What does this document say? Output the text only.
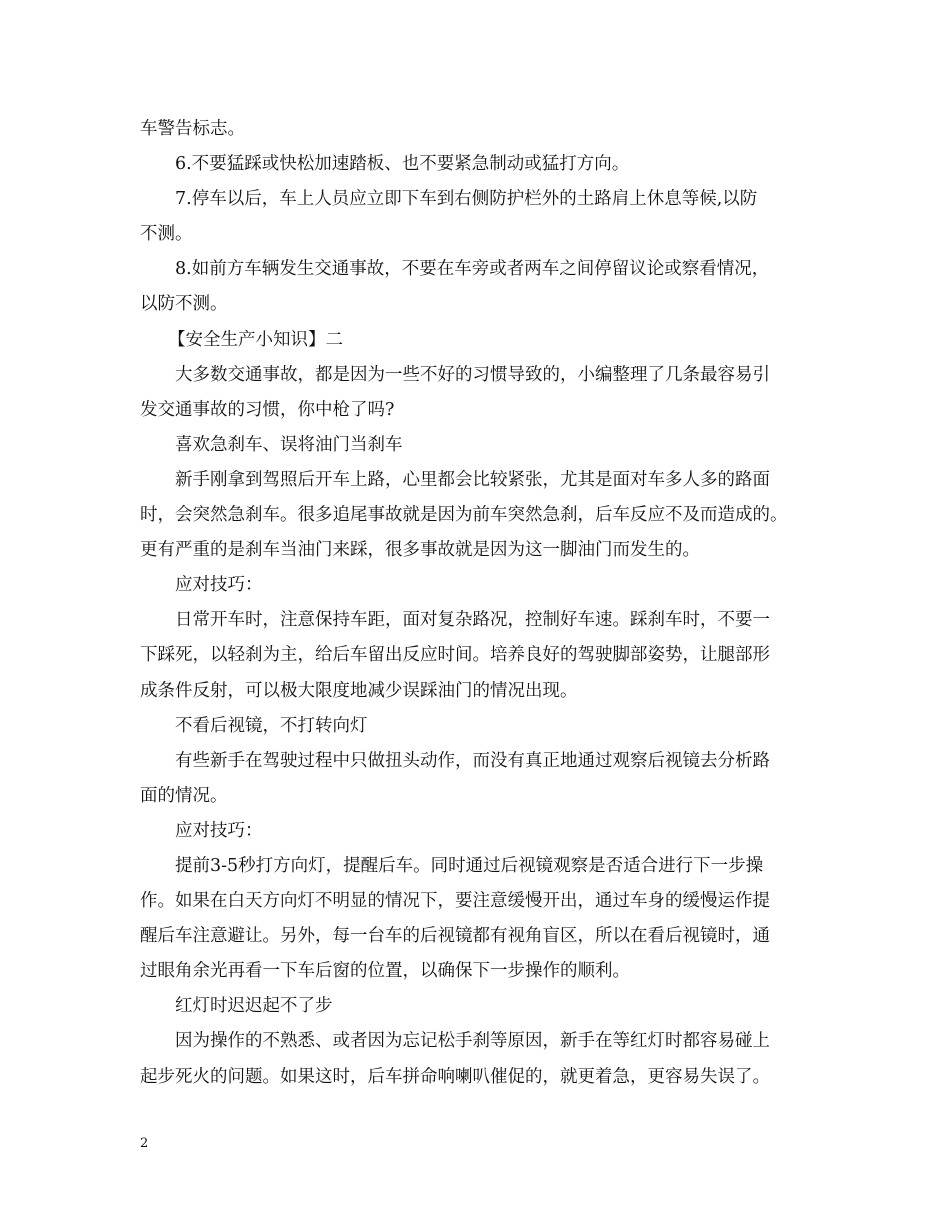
车警告标志。
6.不要猛踩或快松加速踏板、也不要紧急制动或猛打方向。
7.停车以后，车上人员应立即下车到右侧防护栏外的土路肩上休息等候,以防
不测。
8.如前方车辆发生交通事故，不要在车旁或者两车之间停留议论或察看情况，
以防不测。
【安全生产小知识】二
大多数交通事故，都是因为一些不好的习惯导致的，小编整理了几条最容易引
发交通事故的习惯，你中枪了吗?
喜欢急刹车、误将油门当刹车
新手刚拿到驾照后开车上路，心里都会比较紧张，尤其是面对车多人多的路面
时，会突然急刹车。很多追尾事故就是因为前车突然急刹，后车反应不及而造成的。
更有严重的是刹车当油门来踩，很多事故就是因为这一脚油门而发生的。
应对技巧：
日常开车时，注意保持车距，面对复杂路况，控制好车速。踩刹车时，不要一
下踩死，以轻刹为主，给后车留出反应时间。培养良好的驾驶脚部姿势，让腿部形
成条件反射，可以极大限度地减少误踩油门的情况出现。
不看后视镜，不打转向灯
有些新手在驾驶过程中只做扭头动作，而没有真正地通过观察后视镜去分析路
面的情况。
应对技巧：
提前3-5秒打方向灯，提醒后车。同时通过后视镜观察是否适合进行下一步操
作。如果在白天方向灯不明显的情况下，要注意缓慢开出，通过车身的缓慢运作提
醒后车注意避让。另外，每一台车的后视镜都有视角盲区，所以在看后视镜时，通
过眼角余光再看一下车后窗的位置，以确保下一步操作的顺利。
红灯时迟迟起不了步
因为操作的不熟悉、或者因为忘记松手刹等原因，新手在等红灯时都容易碰上
起步死火的问题。如果这时，后车拼命响喇叭催促的，就更着急，更容易失误了。
2
